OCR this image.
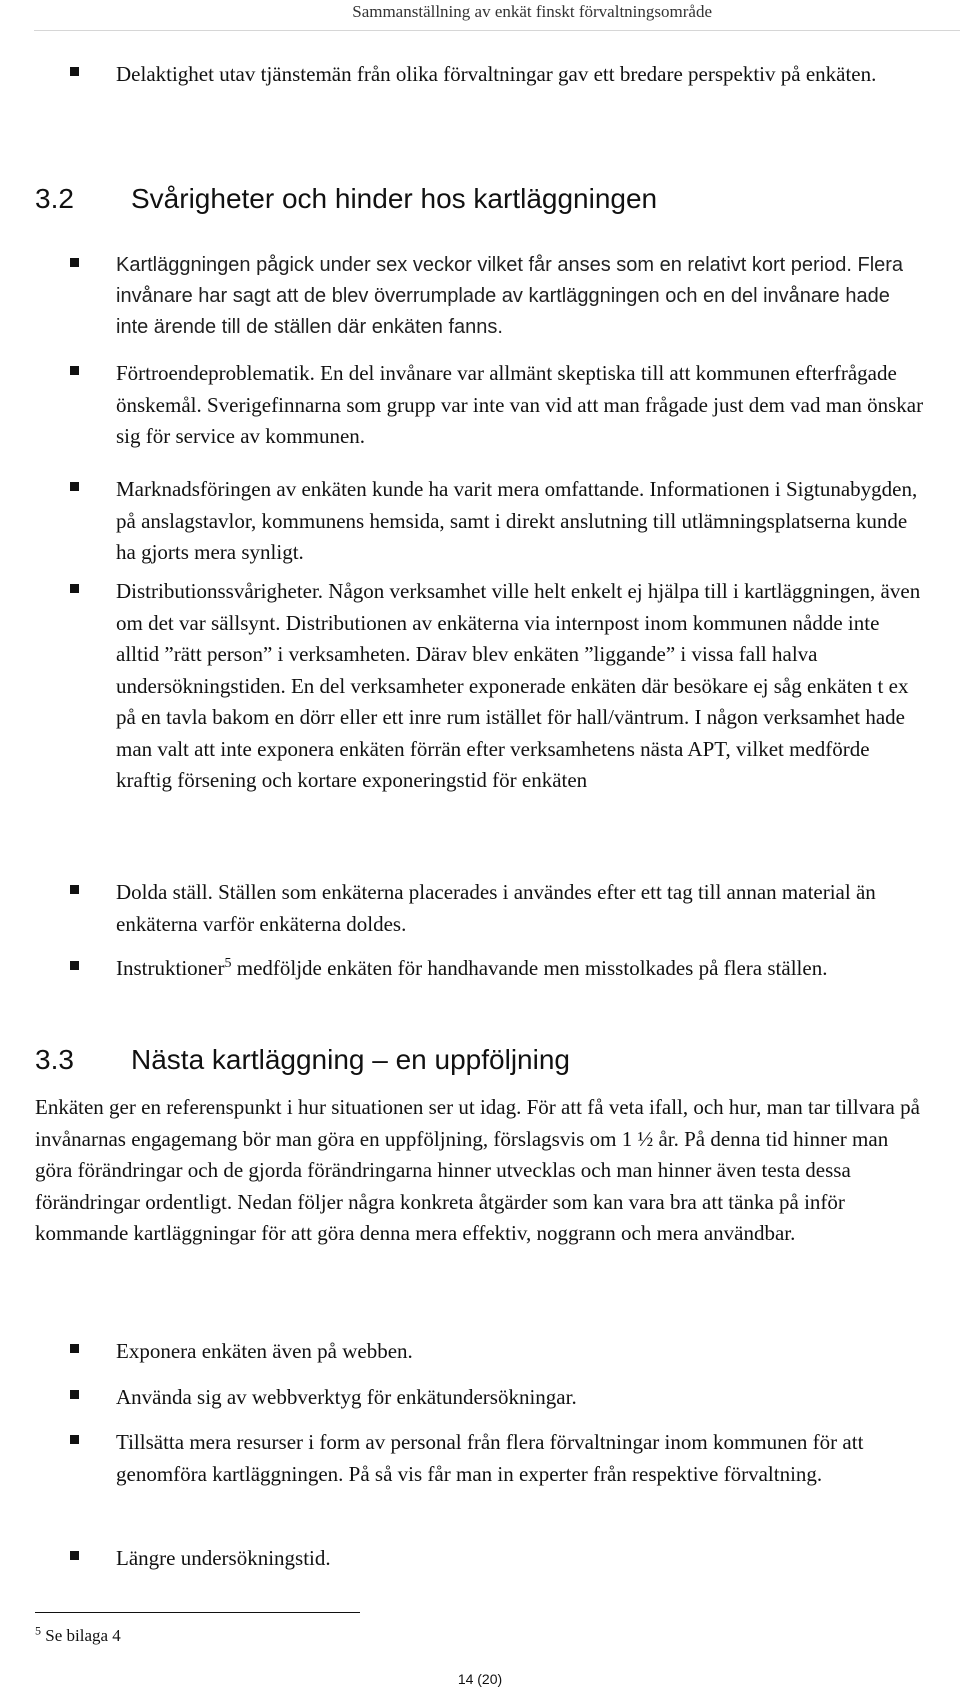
Sammanställning av enkät finskt förvaltningsområde

Delaktighet utav tjänstemän från olika förvaltningar gav ett bredare perspektiv på enkäten.

3.2 Svårigheter och hinder hos kartläggningen

Kartläggningen pågick under sex veckor vilket får anses som en relativt kort period. Flera invånare har sagt att de blev överrumplade av kartläggningen och en del invånare hade inte ärende till de ställen där enkäten fanns.

Förtroendeproblematik. En del invånare var allmänt skeptiska till att kommunen efterfrågade önskemål. Sverigefinnarna som grupp var inte van vid att man frågade just dem vad man önskar sig för service av kommunen.

Marknadsföringen av enkäten kunde ha varit mera omfattande. Informationen i Sigtunabygden, på anslagstavlor, kommunens hemsida, samt i direkt anslutning till utlämningsplatserna kunde ha gjorts mera synligt.

Distributionssvårigheter. Någon verksamhet ville helt enkelt ej hjälpa till i kartläggningen, även om det var sällsynt. Distributionen av enkäterna via internpost inom kommunen nådde inte alltid ”rätt person” i verksamheten. Därav blev enkäten ”liggande” i vissa fall halva undersökningstiden. En del verksamheter exponerade enkäten där besökare ej såg enkäten t ex på en tavla bakom en dörr eller ett inre rum istället för hall/väntrum. I någon verksamhet hade man valt att inte exponera enkäten förrän efter verksamhetens nästa APT, vilket medförde kraftig försening och kortare exponeringstid för enkäten

Dolda ställ. Ställen som enkäterna placerades i användes efter ett tag till annan material än enkäterna varför enkäterna doldes.

Instruktioner$^5$ medföljde enkäten för handhavande men misstolkades på flera ställen.

3.3 Nästa kartläggning – en uppföljning

Enkäten ger en referenspunkt i hur situationen ser ut idag. För att få veta ifall, och hur, man tar tillvara på invånarnas engagemang bör man göra en uppföljning, förslagsvis om 1 ½ år. På denna tid hinner man göra förändringar och de gjorda förändringarna hinner utvecklas och man hinner även testa dessa förändringar ordentligt. Nedan följer några konkreta åtgärder som kan vara bra att tänka på inför kommande kartläggningar för att göra denna mera effektiv, noggrann och mera användbar.

Exponera enkäten även på webben.

Använda sig av webbverktyg för enkätundersökningar.

Tillsätta mera resurser i form av personal från flera förvaltningar inom kommunen för att genomföra kartläggningen. På så vis får man in experter från respektive förvaltning.

Längre undersökningstid.

$^5$ Se bilaga 4

14 (20)
